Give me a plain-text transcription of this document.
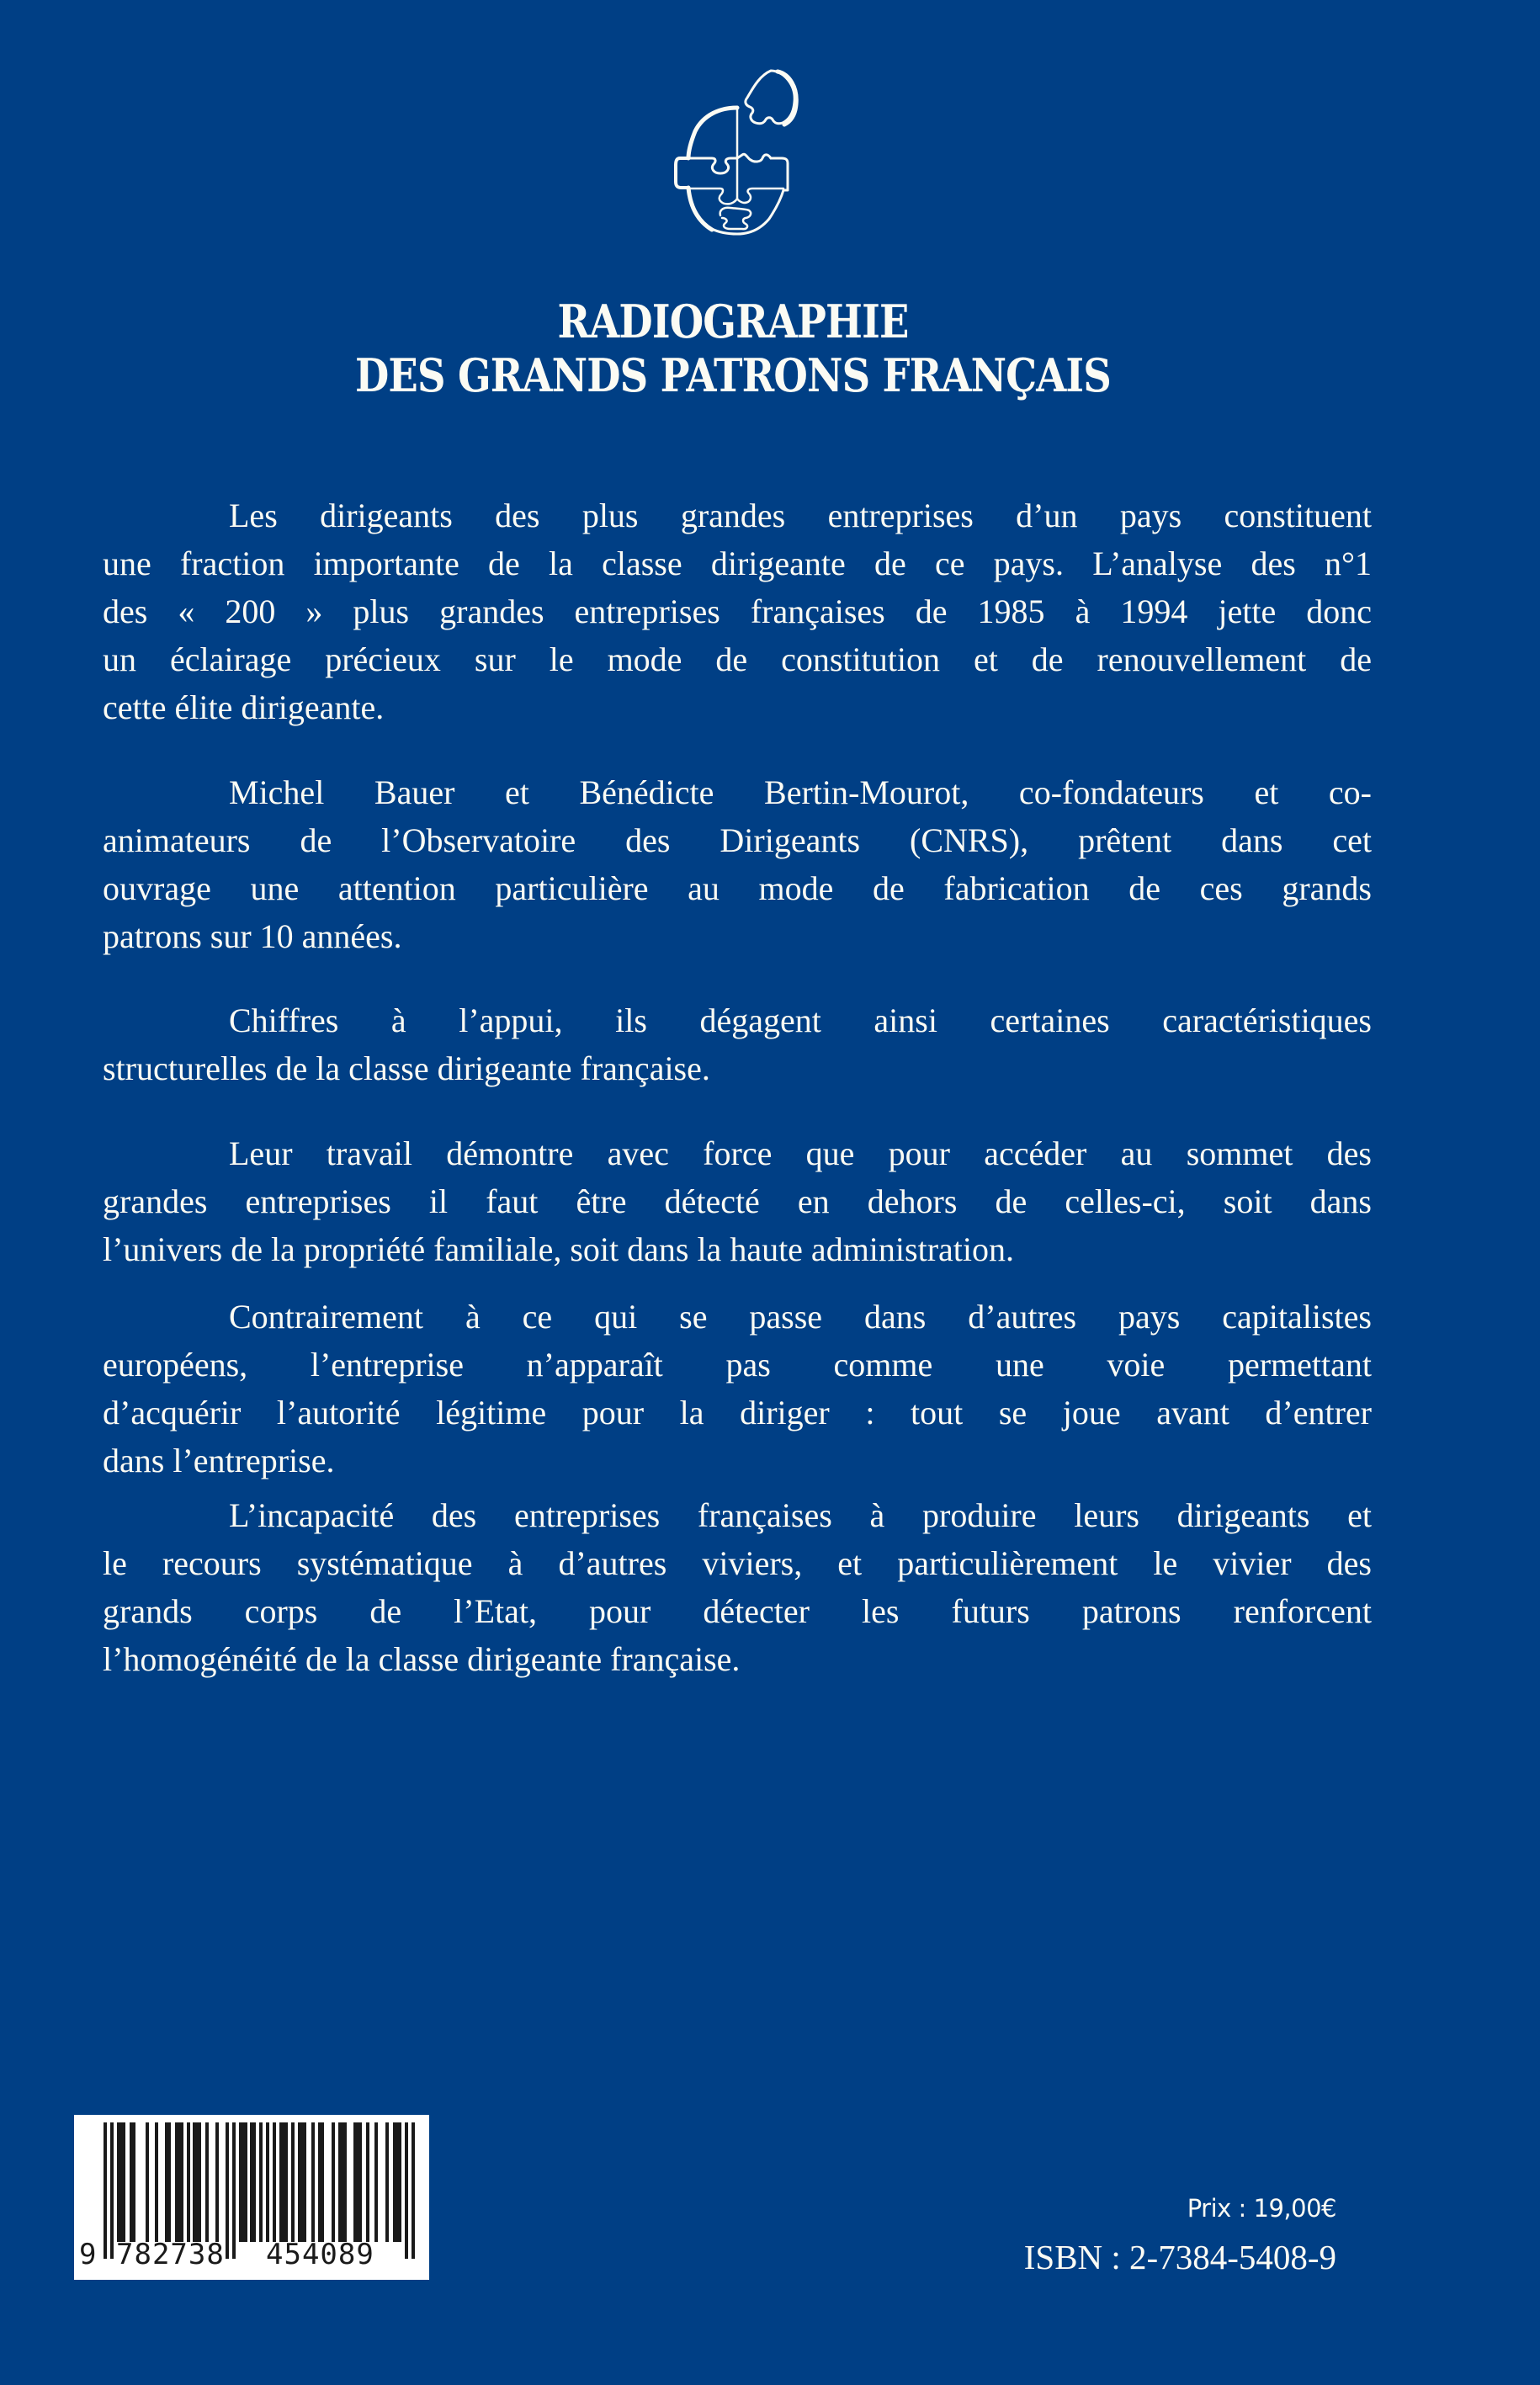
RADIOGRAPHIE
DES GRANDS PATRONS FRANÇAIS
Les dirigeants des plus grandes entreprises d’un pays constituent
une fraction importante de la classe dirigeante de ce pays. L’analyse des n°1
des « 200 » plus grandes entreprises françaises de 1985 à 1994 jette donc
un éclairage précieux sur le mode de constitution et de renouvellement de
cette élite dirigeante.
Michel Bauer et Bénédicte Bertin-Mourot, co-fondateurs et co-
animateurs de l’Observatoire des Dirigeants (CNRS), prêtent dans cet
ouvrage une attention particulière au mode de fabrication de ces grands
patrons sur 10 années.
Chiffres à l’appui, ils dégagent ainsi certaines caractéristiques
structurelles de la classe dirigeante française.
Leur travail démontre avec force que pour accéder au sommet des
grandes entreprises il faut être détecté en dehors de celles-ci, soit dans
l’univers de la propriété familiale, soit dans la haute administration.
Contrairement à ce qui se passe dans d’autres pays capitalistes
européens, l’entreprise n’apparaît pas comme une voie permettant
d’acquérir l’autorité légitime pour la diriger : tout se joue avant d’entrer
dans l’entreprise.
L’incapacité des entreprises françaises à produire leurs dirigeants et
le recours systématique à d’autres viviers, et particulièrement le vivier des
grands corps de l’Etat, pour détecter les futurs patrons renforcent
l’homogénéité de la classe dirigeante française.
9 782738 454089
Prix : 19,00€
ISBN : 2-7384-5408-9
